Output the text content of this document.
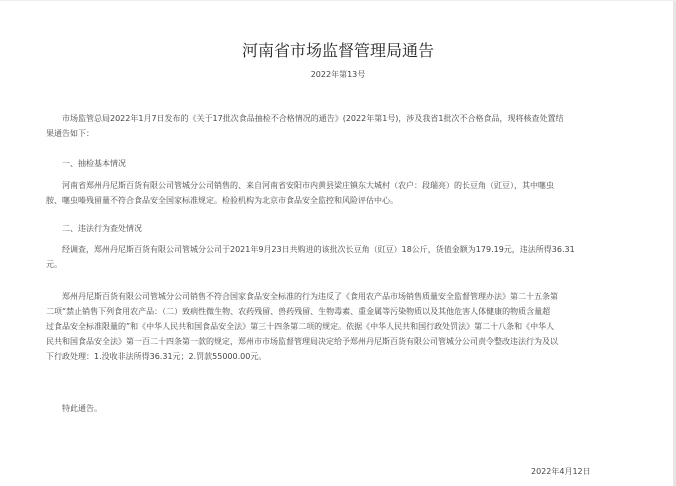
河南省市场监督管理局通告
2022年第13号
市场监管总局2022年1月7日发布的《关于17批次食品抽检不合格情况的通告》(2022年第1号)，涉及我省1批次不合格食品，现将核查处置结
果通告如下：
一、抽检基本情况
河南省郑州丹尼斯百货有限公司管城分公司销售的、来自河南省安阳市内黄县梁庄镇东大城村（农户：段瑞亮）的长豆角（豇豆），其中噻虫
胺、噻虫嗪残留量不符合食品安全国家标准规定。检验机构为北京市食品安全监控和风险评估中心。
二、违法行为查处情况
经调查，郑州丹尼斯百货有限公司管城分公司于2021年9月23日共购进的该批次长豆角（豇豆）18公斤，货值金额为179.19元，违法所得36.31
元。
郑州丹尼斯百货有限公司管城分公司销售不符合国家食品安全标准的行为违反了《食用农产品市场销售质量安全监督管理办法》第二十五条第
二项“禁止销售下列食用农产品：（二）致病性微生物、农药残留、兽药残留、生物毒素、重金属等污染物质以及其他危害人体健康的物质含量超
过食品安全标准限量的”和《中华人民共和国食品安全法》第三十四条第二项的规定。依据《中华人民共和国行政处罚法》第二十八条和《中华人
民共和国食品安全法》第一百二十四条第一款的规定，郑州市市场监督管理局决定给予郑州丹尼斯百货有限公司管城分公司责令整改违法行为及以
下行政处理：1.没收非法所得36.31元；2.罚款55000.00元。
特此通告。
2022年4月12日
